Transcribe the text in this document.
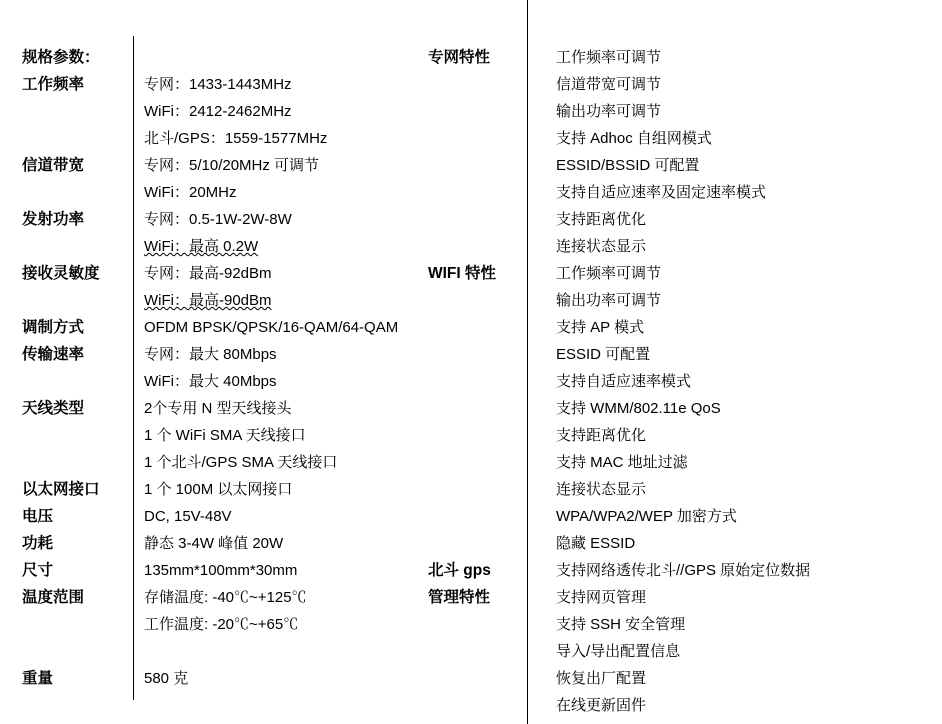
规格参数：
工作频率
信道带宽
发射功率
接收灵敏度
调制方式
传输速率
天线类型
以太网接口
电压
功耗
尺寸
温度范围
重量
专网：1433-1443MHz
WiFi：2412-2462MHz
北斗/GPS：1559-1577MHz
专网：5/10/20MHz 可调节
WiFi：20MHz
专网：0.5-1W-2W-8W
WiFi：最高 0.2W
专网：最高-92dBm
WiFi：最高-90dBm
OFDM BPSK/QPSK/16-QAM/64-QAM
专网：最大 80Mbps
WiFi：最大 40Mbps
2个专用 N 型天线接头
1 个 WiFi SMA 天线接口
1 个北斗/GPS SMA 天线接口
1 个 100M 以太网接口
DC, 15V-48V
静态 3-4W 峰值 20W
135mm*100mm*30mm
存储温度: -40℃~+125℃
工作温度: -20℃~+65℃
580 克
专网特性
WIFI 特性
北斗 gps
管理特性
工作频率可调节
信道带宽可调节
输出功率可调节
支持 Adhoc 自组网模式
ESSID/BSSID 可配置
支持自适应速率及固定速率模式
支持距离优化
连接状态显示
工作频率可调节
输出功率可调节
支持 AP 模式
ESSID 可配置
支持自适应速率模式
支持 WMM/802.11e QoS
支持距离优化
支持 MAC 地址过滤
连接状态显示
WPA/WPA2/WEP 加密方式
隐藏 ESSID
支持网络透传北斗//GPS 原始定位数据
支持网页管理
支持 SSH 安全管理
导入/导出配置信息
恢复出厂配置
在线更新固件
